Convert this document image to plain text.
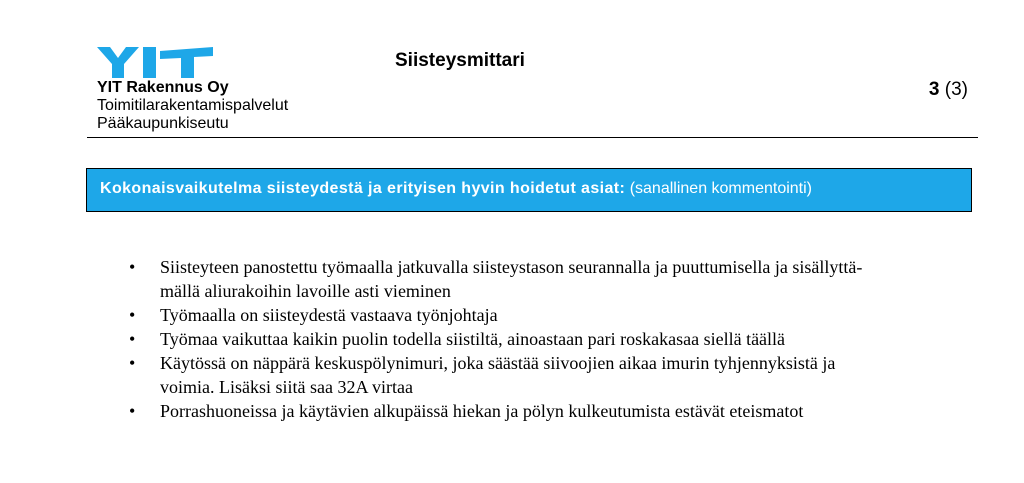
YIT Rakennus Oy
Toimitilarakentamispalvelut
Pääkaupunkiseutu
Siisteysmittari
3 (3)
Kokonaisvaikutelma siisteydestä ja erityisen hyvin hoidetut asiat: (sanallinen kommentointi)
• Siisteyteen panostettu työmaalla jatkuvalla siisteystason seurannalla ja puuttumisella ja sisällyttä-
mällä aliurakoihin lavoille asti vieminen
• Työmaalla on siisteydestä vastaava työnjohtaja
• Työmaa vaikuttaa kaikin puolin todella siistiltä, ainoastaan pari roskakasaa siellä täällä
• Käytössä on näppärä keskuspölynimuri, joka säästää siivoojien aikaa imurin tyhjennyksistä ja
voimia. Lisäksi siitä saa 32A virtaa
• Porrashuoneissa ja käytävien alkupäissä hiekan ja pölyn kulkeutumista estävät eteismatot
